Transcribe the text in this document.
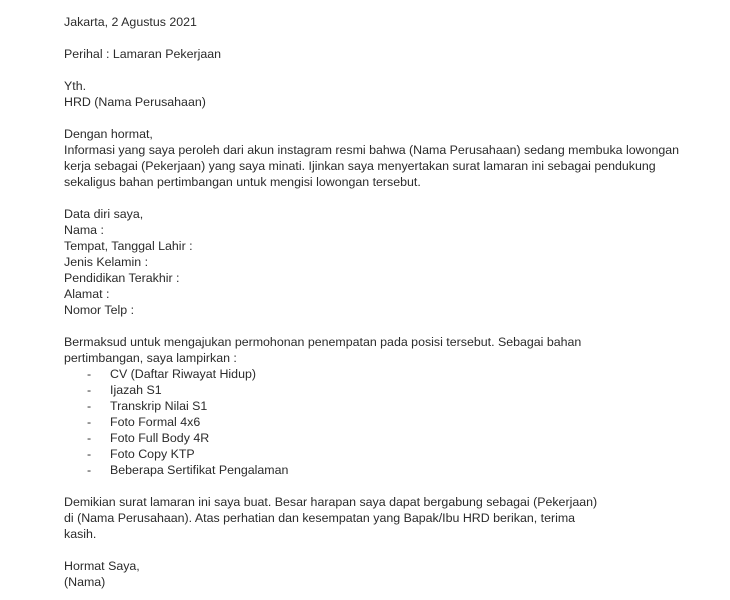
Jakarta, 2 Agustus 2021
Perihal : Lamaran Pekerjaan
Yth.
HRD (Nama Perusahaan)
Dengan hormat,
Informasi yang saya peroleh dari akun instagram resmi bahwa (Nama Perusahaan) sedang membuka lowongan
kerja sebagai (Pekerjaan) yang saya minati. Ijinkan saya menyertakan surat lamaran ini sebagai pendukung
sekaligus bahan pertimbangan untuk mengisi lowongan tersebut.
Data diri saya,
Nama :
Tempat, Tanggal Lahir :
Jenis Kelamin :
Pendidikan Terakhir :
Alamat :
Nomor Telp :
Bermaksud untuk mengajukan permohonan penempatan pada posisi tersebut. Sebagai bahan
pertimbangan, saya lampirkan :
- CV (Daftar Riwayat Hidup)
- Ijazah S1
- Transkrip Nilai S1
- Foto Formal 4x6
- Foto Full Body 4R
- Foto Copy KTP
- Beberapa Sertifikat Pengalaman
Demikian surat lamaran ini saya buat. Besar harapan saya dapat bergabung sebagai (Pekerjaan)
di (Nama Perusahaan). Atas perhatian dan kesempatan yang Bapak/Ibu HRD berikan, terima
kasih.
Hormat Saya,
(Nama)
